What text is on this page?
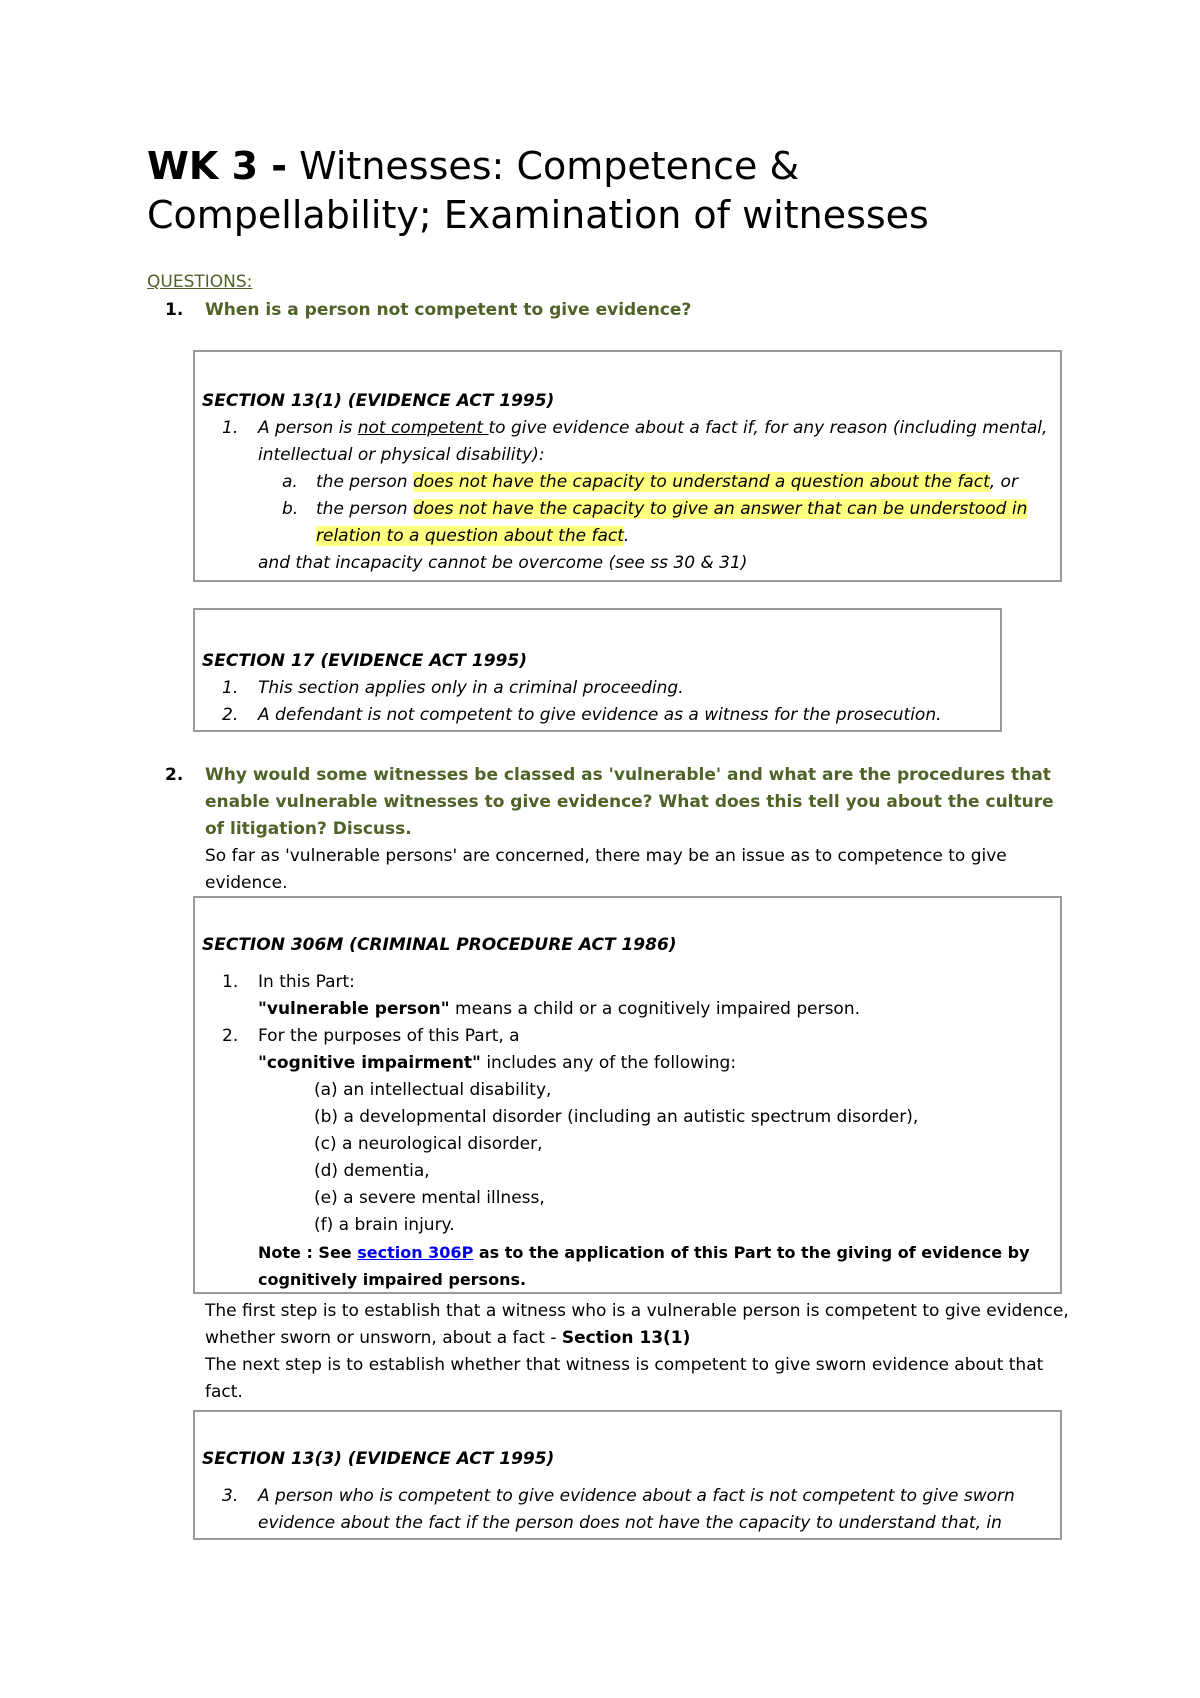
WK 3 - Witnesses: Competence & Compellability; Examination of witnesses
QUESTIONS:
1. When is a person not competent to give evidence?
SECTION 13(1) (EVIDENCE ACT 1995)
1. A person is not competent to give evidence about a fact if, for any reason (including mental, intellectual or physical disability):
a. the person does not have the capacity to understand a question about the fact, or
b. the person does not have the capacity to give an answer that can be understood in relation to a question about the fact.
and that incapacity cannot be overcome (see ss 30 & 31)
SECTION 17 (EVIDENCE ACT 1995)
1. This section applies only in a criminal proceeding.
2. A defendant is not competent to give evidence as a witness for the prosecution.
2. Why would some witnesses be classed as 'vulnerable' and what are the procedures that enable vulnerable witnesses to give evidence? What does this tell you about the culture of litigation? Discuss.
So far as 'vulnerable persons' are concerned, there may be an issue as to competence to give evidence.
SECTION 306M (CRIMINAL PROCEDURE ACT 1986)
1. In this Part:
"vulnerable person" means a child or a cognitively impaired person.
2. For the purposes of this Part, a
"cognitive impairment" includes any of the following:
(a) an intellectual disability,
(b) a developmental disorder (including an autistic spectrum disorder),
(c) a neurological disorder,
(d) dementia,
(e) a severe mental illness,
(f) a brain injury.
Note : See section 306P as to the application of this Part to the giving of evidence by cognitively impaired persons.
The first step is to establish that a witness who is a vulnerable person is competent to give evidence, whether sworn or unsworn, about a fact - Section 13(1)
The next step is to establish whether that witness is competent to give sworn evidence about that fact.
SECTION 13(3) (EVIDENCE ACT 1995)
3. A person who is competent to give evidence about a fact is not competent to give sworn evidence about the fact if the person does not have the capacity to understand that, in
